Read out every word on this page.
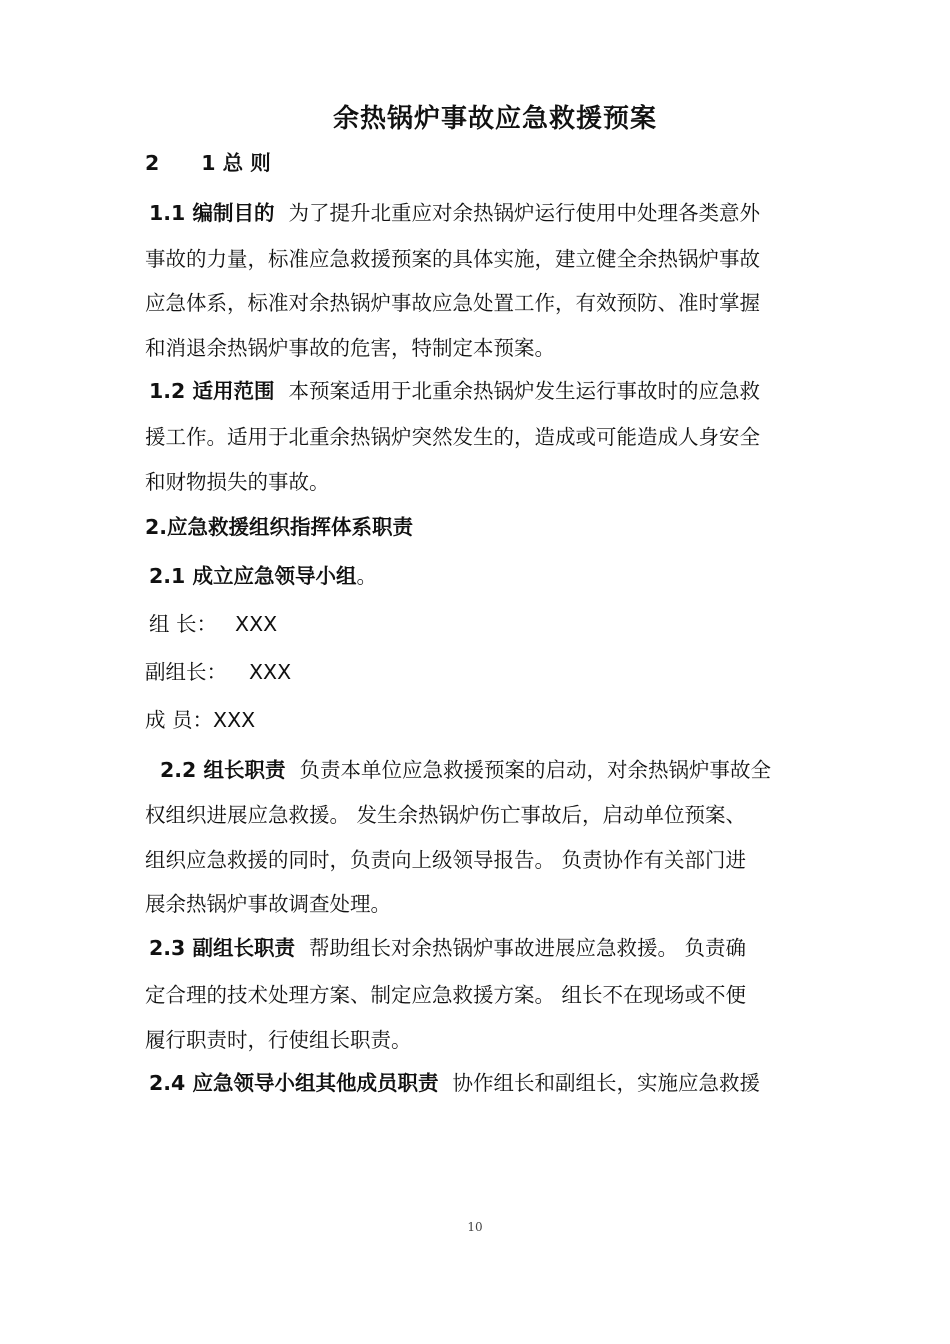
余热锅炉事故应急救援预案
2 1 总 则
1.1 编制目的 为了提升北重应对余热锅炉运行使用中处理各类意外
事故的力量，标准应急救援预案的具体实施，建立健全余热锅炉事故
应急体系，标准对余热锅炉事故应急处置工作，有效预防、准时掌握
和消退余热锅炉事故的危害，特制定本预案。
1.2 适用范围 本预案适用于北重余热锅炉发生运行事故时的应急救
援工作。适用于北重余热锅炉突然发生的，造成或可能造成人身安全
和财物损失的事故。
2.应急救援组织指挥体系职责
2.1 成立应急领导小组。
组 长： XXX
副组长： XXX
成 员：XXX
2.2 组长职责 负责本单位应急救援预案的启动，对余热锅炉事故全
权组织进展应急救援。 发生余热锅炉伤亡事故后，启动单位预案、
组织应急救援的同时，负责向上级领导报告。 负责协作有关部门进
展余热锅炉事故调查处理。
2.3 副组长职责 帮助组长对余热锅炉事故进展应急救援。 负责确
定合理的技术处理方案、制定应急救援方案。 组长不在现场或不便
履行职责时，行使组长职责。
2.4 应急领导小组其他成员职责 协作组长和副组长，实施应急救援
10
